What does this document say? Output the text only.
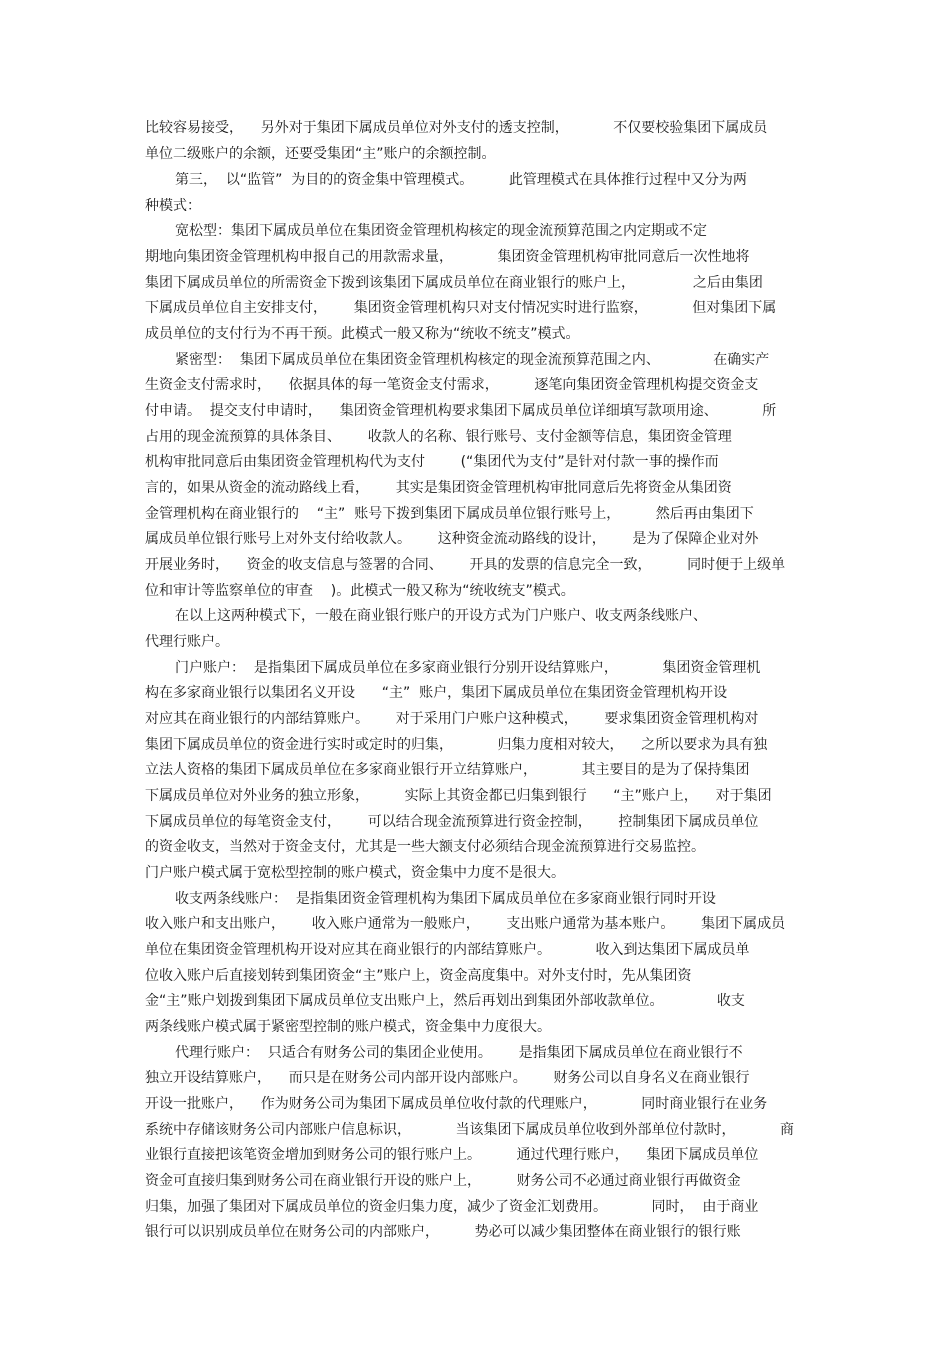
比较容易接受，    另外对于集团下属成员单位对外支付的透支控制，          不仅要校验集团下属成员
单位二级账户的余额，还要受集团“主”账户的余额控制。
第三，  以“监管”  为目的的资金集中管理模式。        此管理模式在具体推行过程中又分为两
种模式：
宽松型：集团下属成员单位在集团资金管理机构核定的现金流预算范围之内定期或不定
期地向集团资金管理机构申报自己的用款需求量，          集团资金管理机构审批同意后一次性地将
集团下属成员单位的所需资金下拨到该集团下属成员单位在商业银行的账户上，             之后由集团
下属成员单位自主安排支付，      集团资金管理机构只对支付情况实时进行监察，          但对集团下属
成员单位的支付行为不再干预。此模式一般又称为“统收不统支”模式。
紧密型：  集团下属成员单位在集团资金管理机构核定的现金流预算范围之内、            在确实产
生资金支付需求时，    依据具体的每一笔资金支付需求，        逐笔向集团资金管理机构提交资金支
付申请。  提交支付申请时，    集团资金管理机构要求集团下属成员单位详细填写款项用途、          所
占用的现金流预算的具体条目、      收款人的名称、银行账号、支付金额等信息，集团资金管理
机构审批同意后由集团资金管理机构代为支付        (“集团代为支付”是针对付款一事的操作而
言的，如果从资金的流动路线上看，      其实是集团资金管理机构审批同意后先将资金从集团资
金管理机构在商业银行的    “主”  账号下拨到集团下属成员单位银行账号上，        然后再由集团下
属成员单位银行账号上对外支付给收款人。      这种资金流动路线的设计，      是为了保障企业对外
开展业务时，    资金的收支信息与签署的合同、      开具的发票的信息完全一致，        同时便于上级单
位和审计等监察单位的审查    )。此模式一般又称为“统收统支”模式。
在以上这两种模式下，一般在商业银行账户的开设方式为门户账户、收支两条线账户、
代理行账户。
门户账户：  是指集团下属成员单位在多家商业银行分别开设结算账户，          集团资金管理机
构在多家商业银行以集团名义开设      “主”  账户，集团下属成员单位在集团资金管理机构开设
对应其在商业银行的内部结算账户。      对于采用门户账户这种模式，      要求集团资金管理机构对
集团下属成员单位的资金进行实时或定时的归集，          归集力度相对较大，    之所以要求为具有独
立法人资格的集团下属成员单位在多家商业银行开立结算账户，          其主要目的是为了保持集团
下属成员单位对外业务的独立形象，        实际上其资金都已归集到银行      “主”账户上，    对于集团
下属成员单位的每笔资金支付，      可以结合现金流预算进行资金控制，      控制集团下属成员单位
的资金收支，当然对于资金支付，尤其是一些大额支付必须结合现金流预算进行交易监控。
门户账户模式属于宽松型控制的账户模式，资金集中力度不是很大。
收支两条线账户：  是指集团资金管理机构为集团下属成员单位在多家商业银行同时开设
收入账户和支出账户，      收入账户通常为一般账户，      支出账户通常为基本账户。      集团下属成员
单位在集团资金管理机构开设对应其在商业银行的内部结算账户。          收入到达集团下属成员单
位收入账户后直接划转到集团资金“主”账户上，资金高度集中。对外支付时，先从集团资
金“主”账户划拨到集团下属成员单位支出账户上，然后再划出到集团外部收款单位。            收支
两条线账户模式属于紧密型控制的账户模式，资金集中力度很大。
代理行账户：  只适合有财务公司的集团企业使用。      是指集团下属成员单位在商业银行不
独立开设结算账户，    而只是在财务公司内部开设内部账户。      财务公司以自身名义在商业银行
开设一批账户，    作为财务公司为集团下属成员单位收付款的代理账户，          同时商业银行在业务
系统中存储该财务公司内部账户信息标识，          当该集团下属成员单位收到外部单位付款时，          商
业银行直接把该笔资金增加到财务公司的银行账户上。        通过代理行账户，    集团下属成员单位
资金可直接归集到财务公司在商业银行开设的账户上，        财务公司不必通过商业银行再做资金
归集，加强了集团对下属成员单位的资金归集力度，减少了资金汇划费用。          同时，  由于商业
银行可以识别成员单位在财务公司的内部账户，        势必可以减少集团整体在商业银行的银行账
